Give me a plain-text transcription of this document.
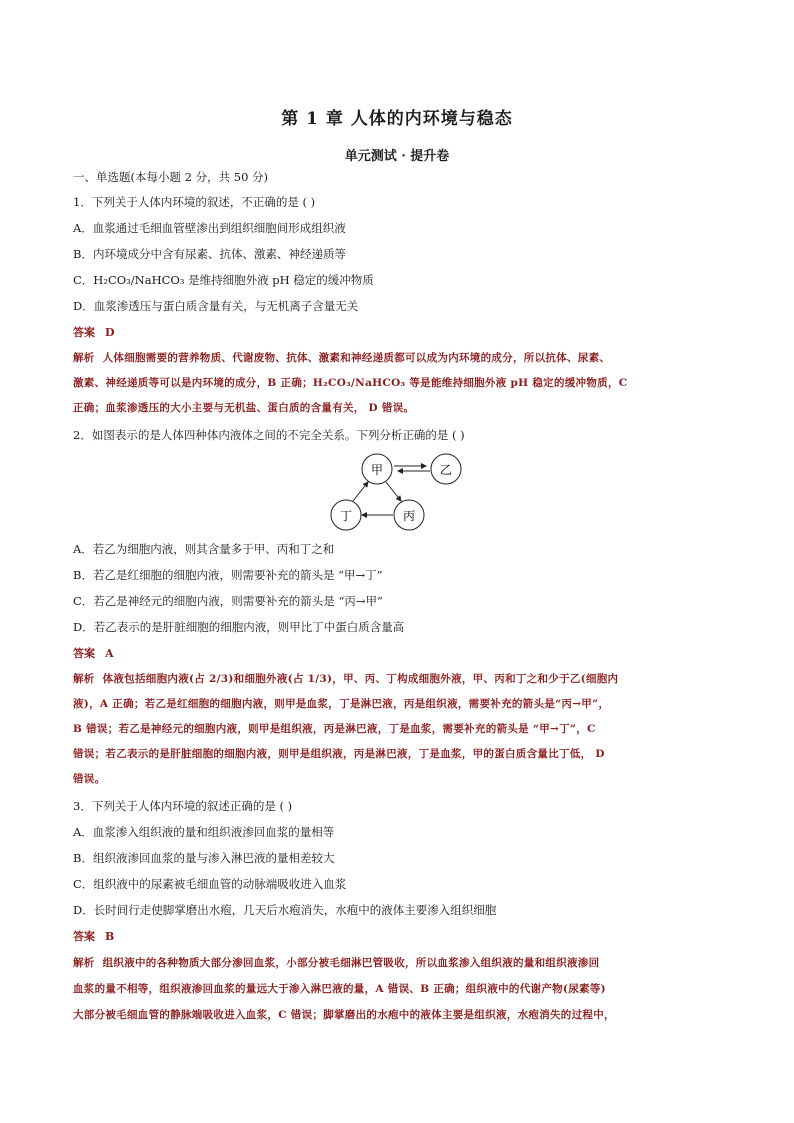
第 1 章 人体的内环境与稳态
单元测试 · 提升卷
一、单选题(本每小题 2 分，共 50 分)
1．下列关于人体内环境的叙述，不正确的是 ( )
A．血浆通过毛细血管壁渗出到组织细胞间形成组织液
B．内环境成分中含有尿素、抗体、激素、神经递质等
C．H₂CO₃/NaHCO₃ 是维持细胞外液 pH 稳定的缓冲物质
D．血浆渗透压与蛋白质含量有关，与无机离子含量无关
答案 D
解析 人体细胞需要的营养物质、代谢废物、抗体、激素和神经递质都可以成为内环境的成分，所以抗体、尿素、
激素、神经递质等可以是内环境的成分，B 正确；H₂CO₃/NaHCO₃ 等是能维持细胞外液 pH 稳定的缓冲物质，C
正确；血浆渗透压的大小主要与无机盐、蛋白质的含量有关， D 错误。
2．如图表示的是人体四种体内液体之间的不完全关系。下列分析正确的是 ( )
甲	乙
丙
丁
A．若乙为细胞内液，则其含量多于甲、丙和丁之和
B．若乙是红细胞的细胞内液，则需要补充的箭头是 “甲→丁”
C．若乙是神经元的细胞内液，则需要补充的箭头是 “丙→甲”
D．若乙表示的是肝脏细胞的细胞内液，则甲比丁中蛋白质含量高
答案 A
解析 体液包括细胞内液(占 2/3)和细胞外液(占 1/3)，甲、丙、丁构成细胞外液，甲、丙和丁之和少于乙(细胞内
液)，A 正确；若乙是红细胞的细胞内液，则甲是血浆，丁是淋巴液，丙是组织液，需要补充的箭头是“丙→甲”，
B 错误；若乙是神经元的细胞内液，则甲是组织液，丙是淋巴液，丁是血浆，需要补充的箭头是 “甲→丁”，C
错误；若乙表示的是肝脏细胞的细胞内液，则甲是组织液，丙是淋巴液，丁是血浆，甲的蛋白质含量比丁低， D
错误。
3．下列关于人体内环境的叙述正确的是 ( )
A．血浆渗入组织液的量和组织液渗回血浆的量相等
B．组织液渗回血浆的量与渗入淋巴液的量相差较大
C．组织液中的尿素被毛细血管的动脉端吸收进入血浆
D．长时间行走使脚掌磨出水疱，几天后水疱消失，水疱中的液体主要渗入组织细胞
答案 B
解析 组织液中的各种物质大部分渗回血浆，小部分被毛细淋巴管吸收，所以血浆渗入组织液的量和组织液渗回
血浆的量不相等，组织液渗回血浆的量远大于渗入淋巴液的量，A 错误、B 正确；组织液中的代谢产物(尿素等)
大部分被毛细血管的静脉端吸收进入血浆，C 错误；脚掌磨出的水疱中的液体主要是组织液，水疱消失的过程中，
